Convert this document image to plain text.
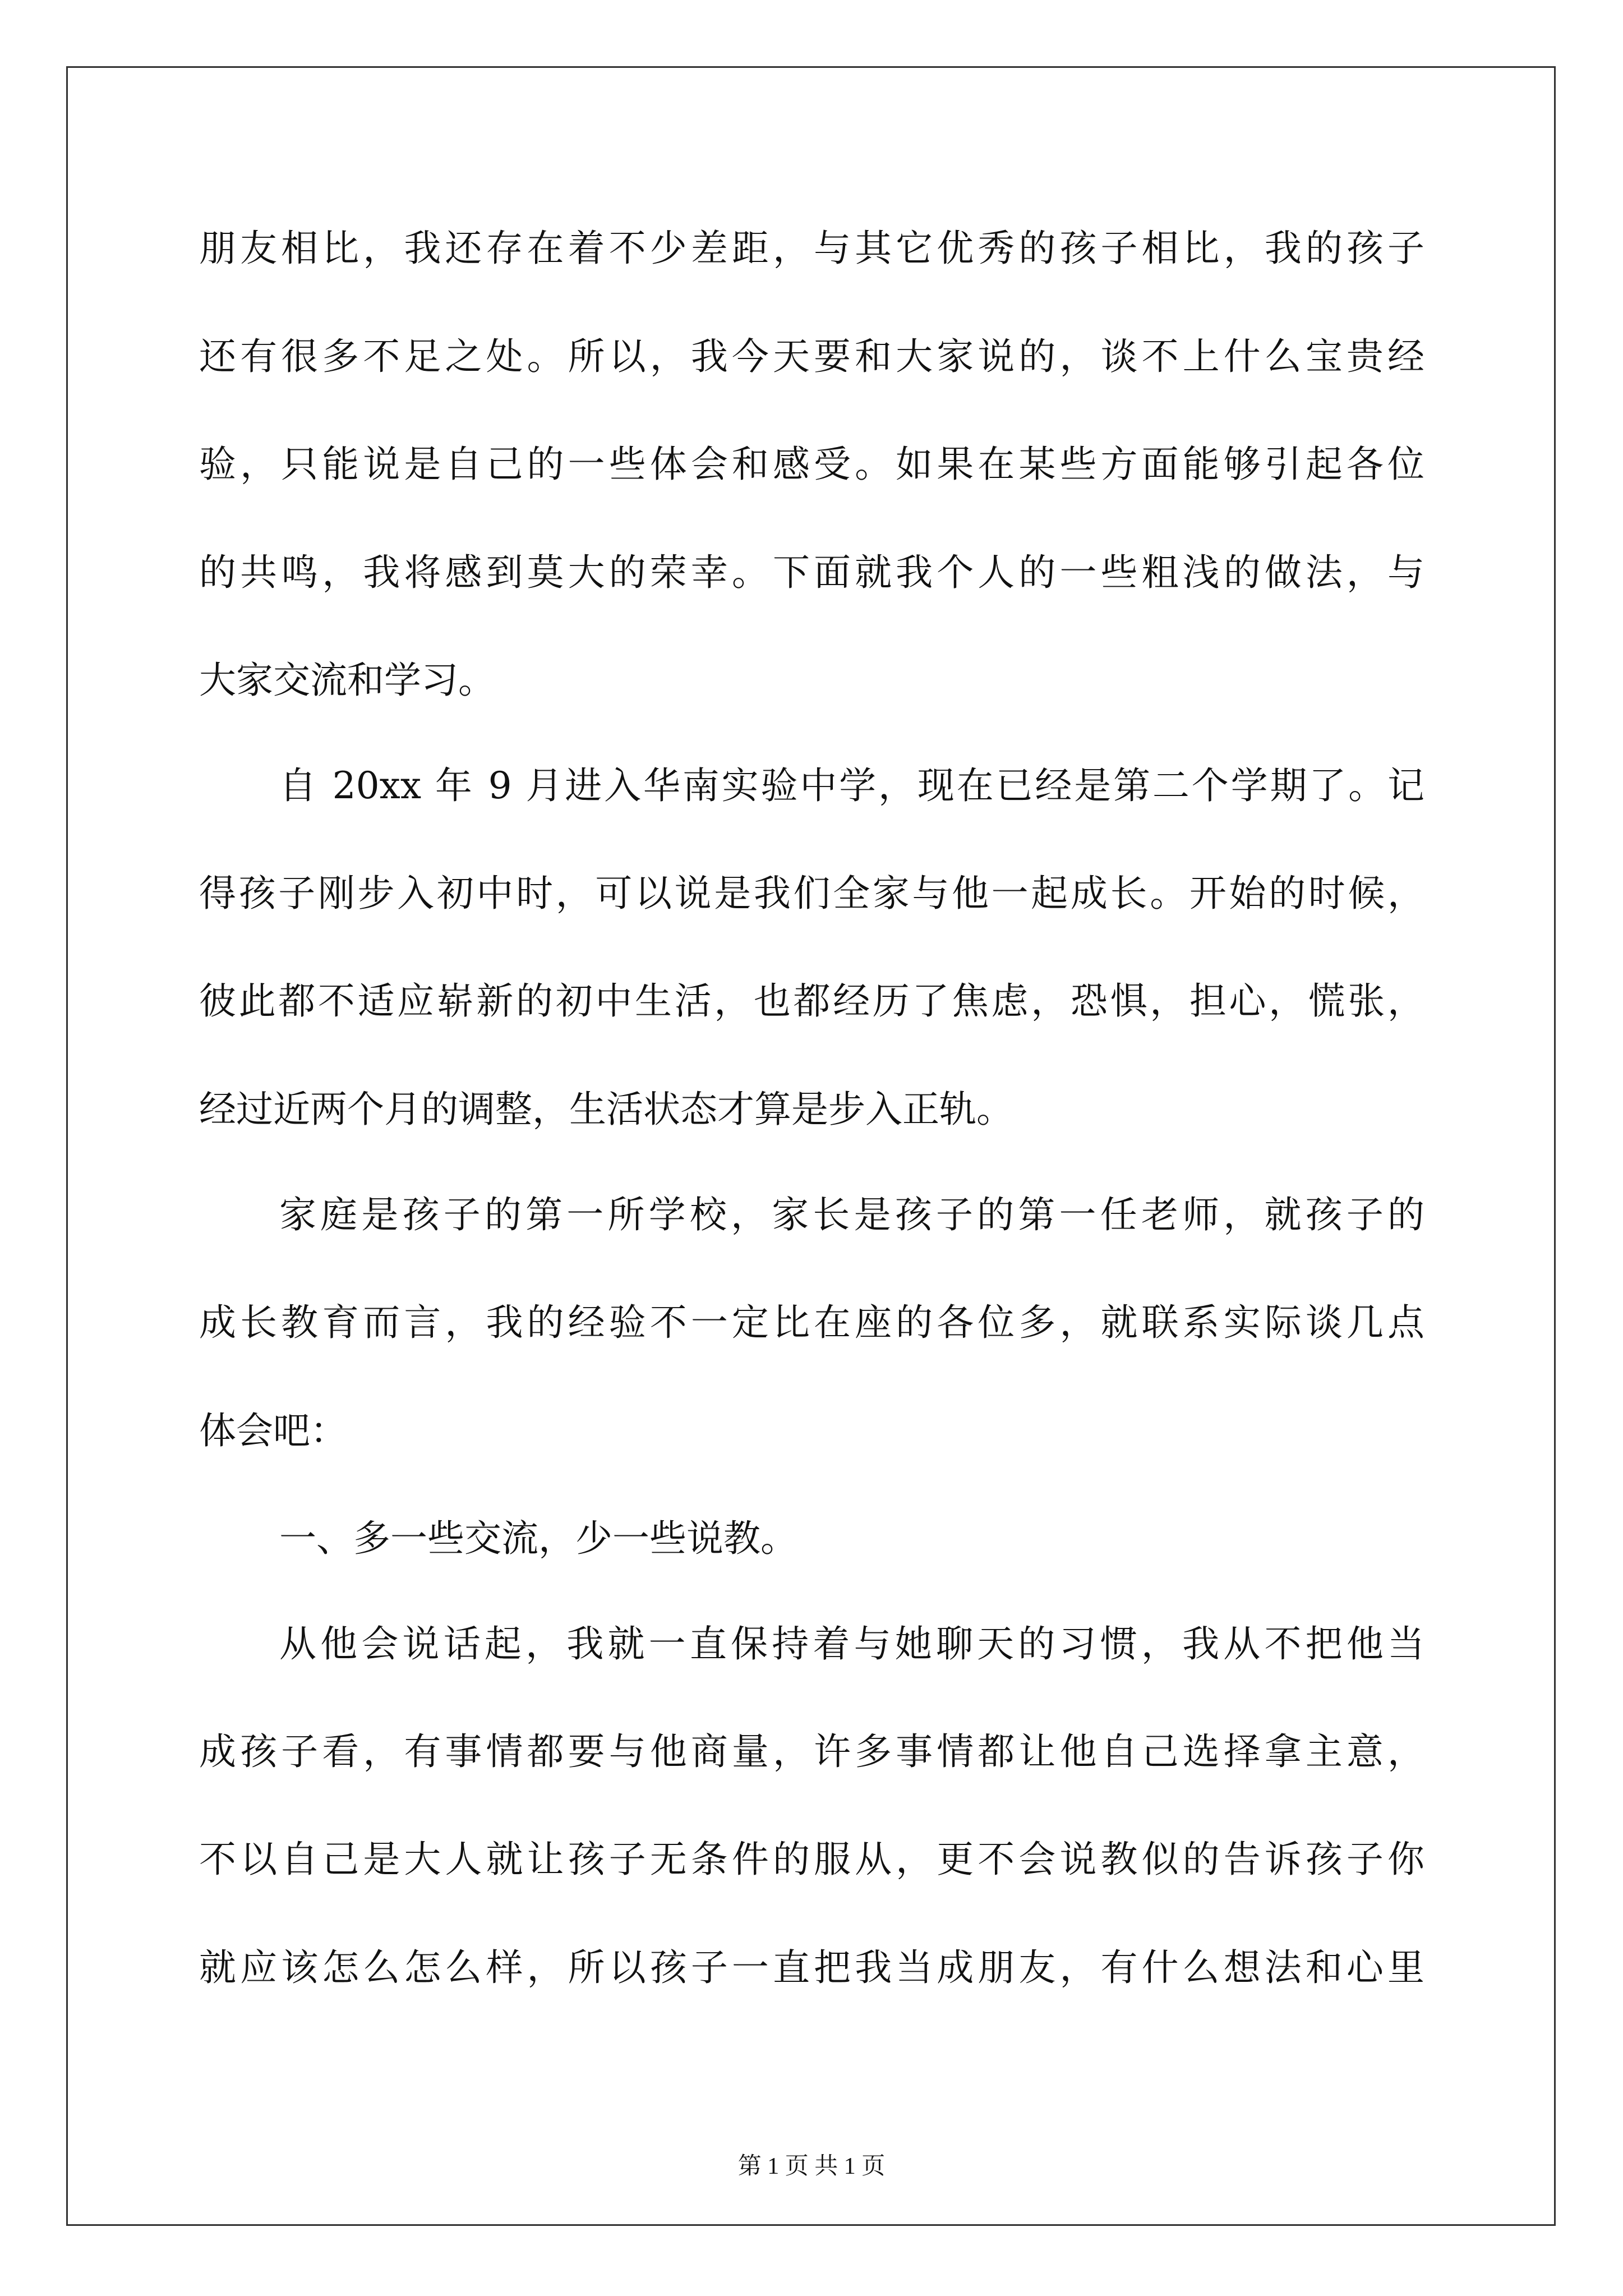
朋友相比，我还存在着不少差距，与其它优秀的孩子相比，我的孩子
还有很多不足之处。所以，我今天要和大家说的，谈不上什么宝贵经
验，只能说是自己的一些体会和感受。如果在某些方面能够引起各位
的共鸣，我将感到莫大的荣幸。下面就我个人的一些粗浅的做法，与
大家交流和学习。
自 20xx 年 9 月进入华南实验中学，现在已经是第二个学期了。记
得孩子刚步入初中时，可以说是我们全家与他一起成长。开始的时候，
彼此都不适应崭新的初中生活，也都经历了焦虑，恐惧，担心，慌张，
经过近两个月的调整，生活状态才算是步入正轨。
家庭是孩子的第一所学校，家长是孩子的第一任老师，就孩子的
成长教育而言，我的经验不一定比在座的各位多，就联系实际谈几点
体会吧：
一、多一些交流，少一些说教。
从他会说话起，我就一直保持着与她聊天的习惯，我从不把他当
成孩子看，有事情都要与他商量，许多事情都让他自己选择拿主意，
不以自己是大人就让孩子无条件的服从，更不会说教似的告诉孩子你
就应该怎么怎么样，所以孩子一直把我当成朋友，有什么想法和心里
第 1 页 共 1 页
